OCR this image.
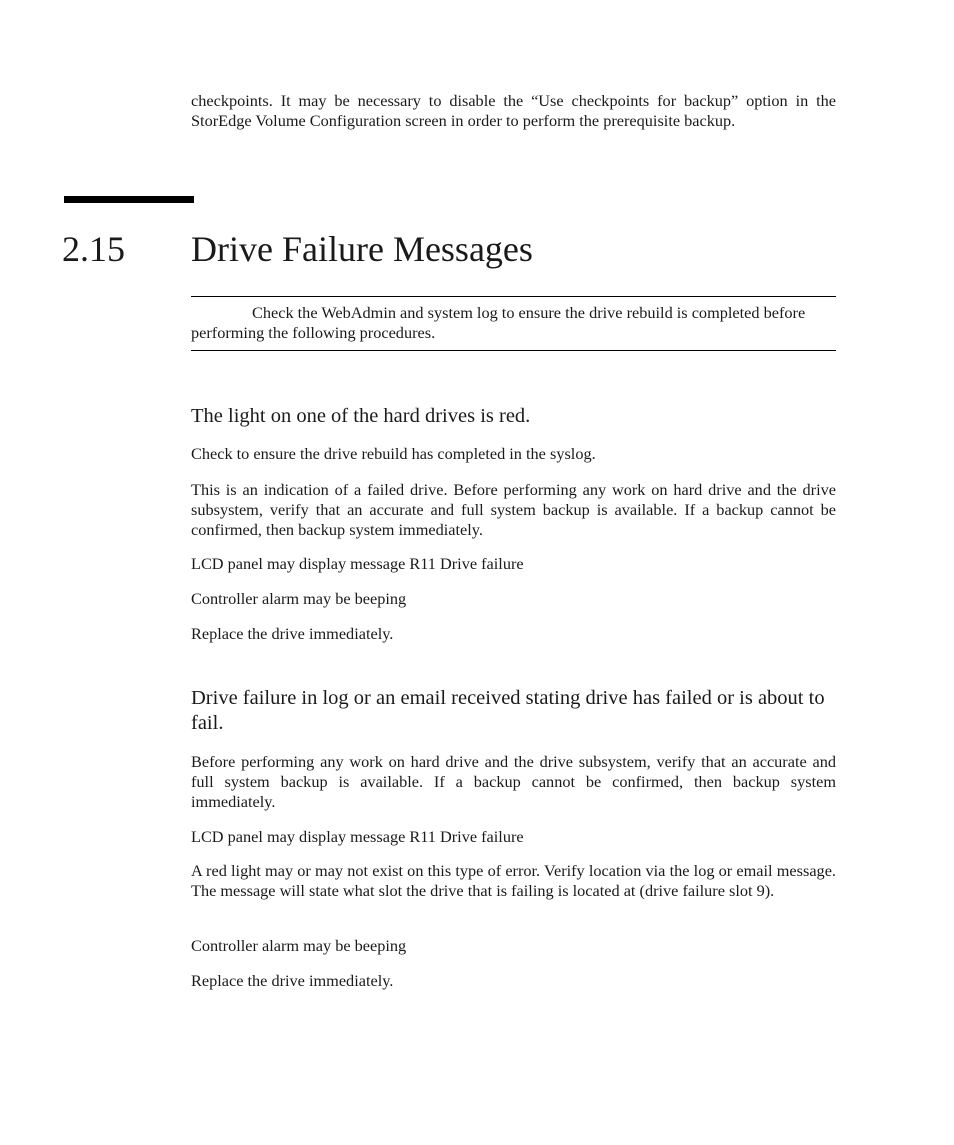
checkpoints. It may be necessary to disable the “Use checkpoints for backup” option in the StorEdge Volume Configuration screen in order to perform the prerequisite backup.

2.15 Drive Failure Messages

Check the WebAdmin and system log to ensure the drive rebuild is completed before performing the following procedures.

The light on one of the hard drives is red.

Check to ensure the drive rebuild has completed in the syslog.

This is an indication of a failed drive. Before performing any work on hard drive and the drive subsystem, verify that an accurate and full system backup is available. If a backup cannot be confirmed, then backup system immediately.

LCD panel may display message R11 Drive failure

Controller alarm may be beeping

Replace the drive immediately.

Drive failure in log or an email received stating drive has failed or is about to fail.

Before performing any work on hard drive and the drive subsystem, verify that an accurate and full system backup is available. If a backup cannot be confirmed, then backup system immediately.

LCD panel may display message R11 Drive failure

A red light may or may not exist on this type of error. Verify location via the log or email message. The message will state what slot the drive that is failing is located at (drive failure slot 9).

Controller alarm may be beeping

Replace the drive immediately.
